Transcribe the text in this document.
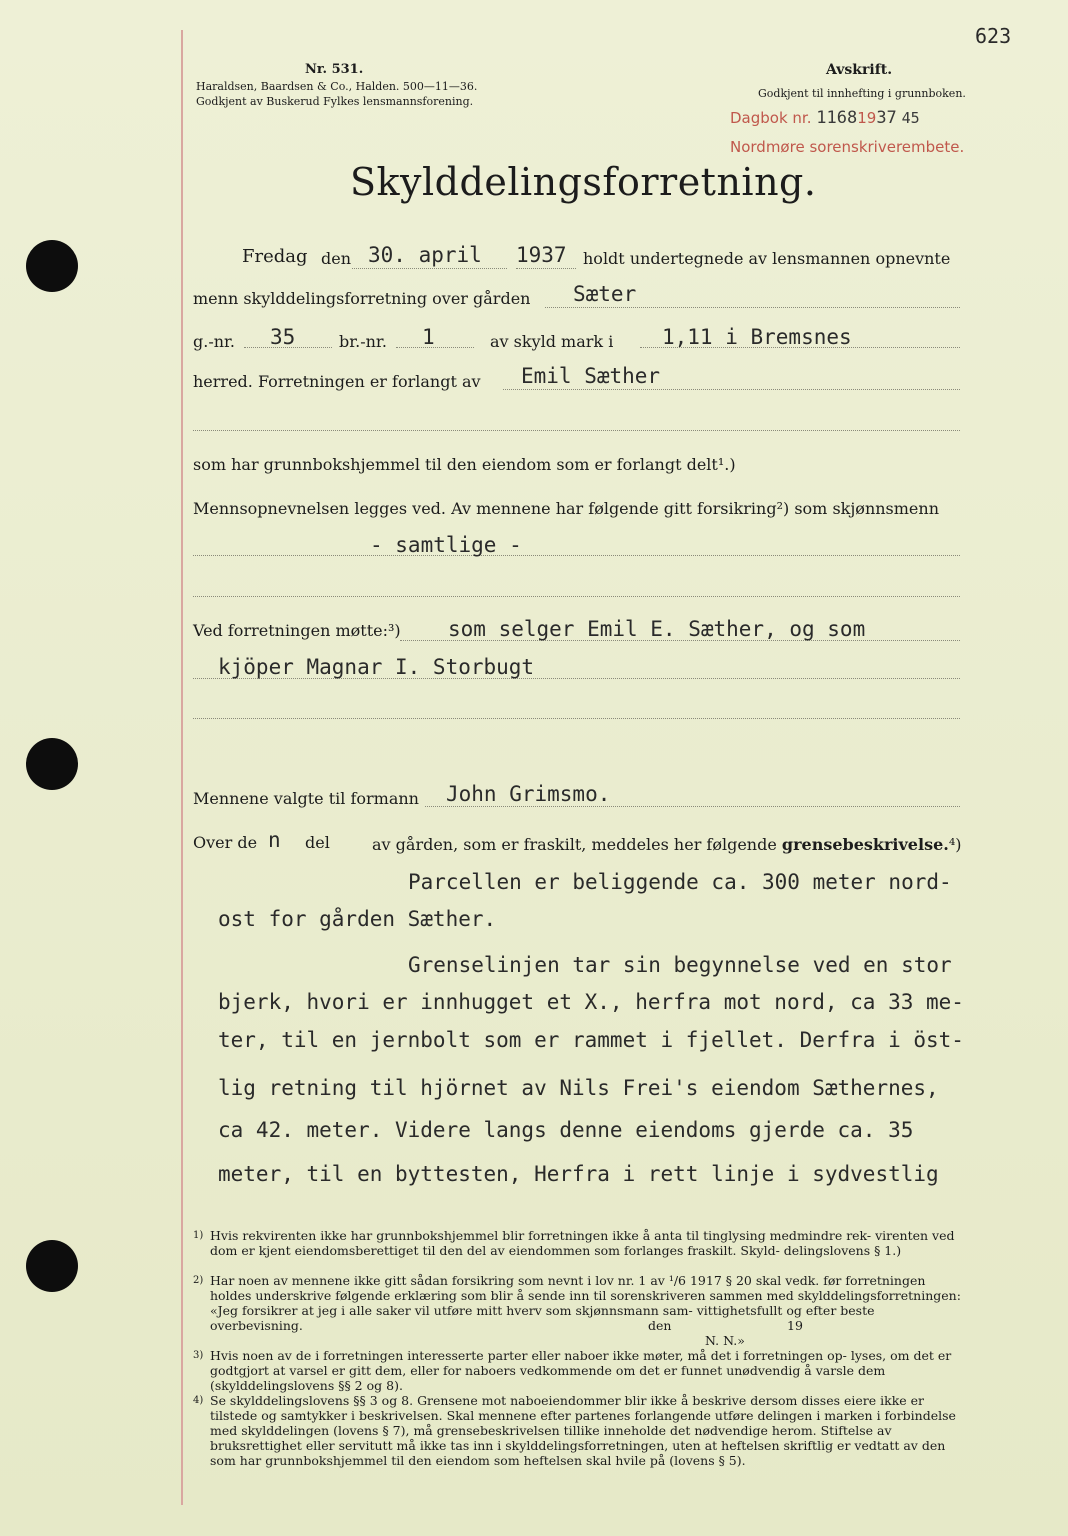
623
Nr. 531.
Haraldsen, Baardsen & Co., Halden. 500—11—36.
Godkjent av Buskerud Fylkes lensmannsforening.
Avskrift.
Godkjent til innhefting i grunnboken.
Dagbok nr. 11681937 45
Nordmøre sorenskriverembete.
Skylddelingsforretning.
Fredag den 30. april 1937 holdt undertegnede av lensmannen opnevnte
menn skylddelingsforretning over gården Sæter
g.-nr. 35	br.-nr. 1	av skyld mark i 1,11 i Bremsnes
herred. Forretningen er forlangt av Emil Sæther
som har grunnbokshjemmel til den eiendom som er forlangt delt¹.)
Mennsopnevnelsen legges ved. Av mennene har følgende gitt forsikring²) som skjønnsmenn
- samtlige -
Ved forretningen møtte:³) som selger Emil E. Sæther, og som
kjöper Magnar I. Storbugt
Mennene valgte til formann John Grimsmo.
Over de n del	av gården, som er fraskilt, meddeles her følgende grensebeskrivelse.⁴)
Parcellen er beliggende ca. 300 meter nord-
ost for gården Sæther.
Grenselinjen tar sin begynnelse ved en stor
bjerk, hvori er innhugget et X., herfra mot nord, ca 33 me-
ter, til en jernbolt som er rammet i fjellet. Derfra i öst-
lig retning til hjörnet av Nils Frei's eiendom Sæthernes,
ca 42. meter. Videre langs denne eiendoms gjerde ca. 35
meter, til en byttesten, Herfra i rett linje i sydvestlig
1) Hvis rekvirenten ikke har grunnbokshjemmel blir forretningen ikke å anta til tinglysing medmindre rek- virenten ved dom er kjent eiendomsberettiget til den del av eiendommen som forlanges fraskilt. Skyld- delingslovens § 1.)
2) Har noen av mennene ikke gitt sådan forsikring som nevnt i lov nr. 1 av ¹/6 1917 § 20 skal vedk. før forretningen holdes underskrive følgende erklæring som blir å sende inn til sorenskriveren sammen med skylddelingsforretningen: «Jeg forsikrer at jeg i alle saker vil utføre mitt hverv som skjønnsmann sam- vittighetsfullt og efter beste overbevisning.	den	19
N. N.»
3) Hvis noen av de i forretningen interesserte parter eller naboer ikke møter, må det i forretningen op- lyses, om det er godtgjort at varsel er gitt dem, eller for naboers vedkommende om det er funnet unødvendig å varsle dem (skylddelingslovens §§ 2 og 8).
4) Se skylddelingslovens §§ 3 og 8. Grensene mot naboeiendommer blir ikke å beskrive dersom disses eiere ikke er tilstede og samtykker i beskrivelsen. Skal mennene efter partenes forlangende utføre delingen i marken i forbindelse med skylddelingen (lovens § 7), må grensebeskrivelsen tillike inneholde det nødvendige herom. Stiftelse av bruksrettighet eller servitutt må ikke tas inn i skylddelingsforretningen, uten at heftelsen skriftlig er vedtatt av den som har grunnbokshjemmel til den eiendom som heftelsen skal hvile på (lovens § 5).
